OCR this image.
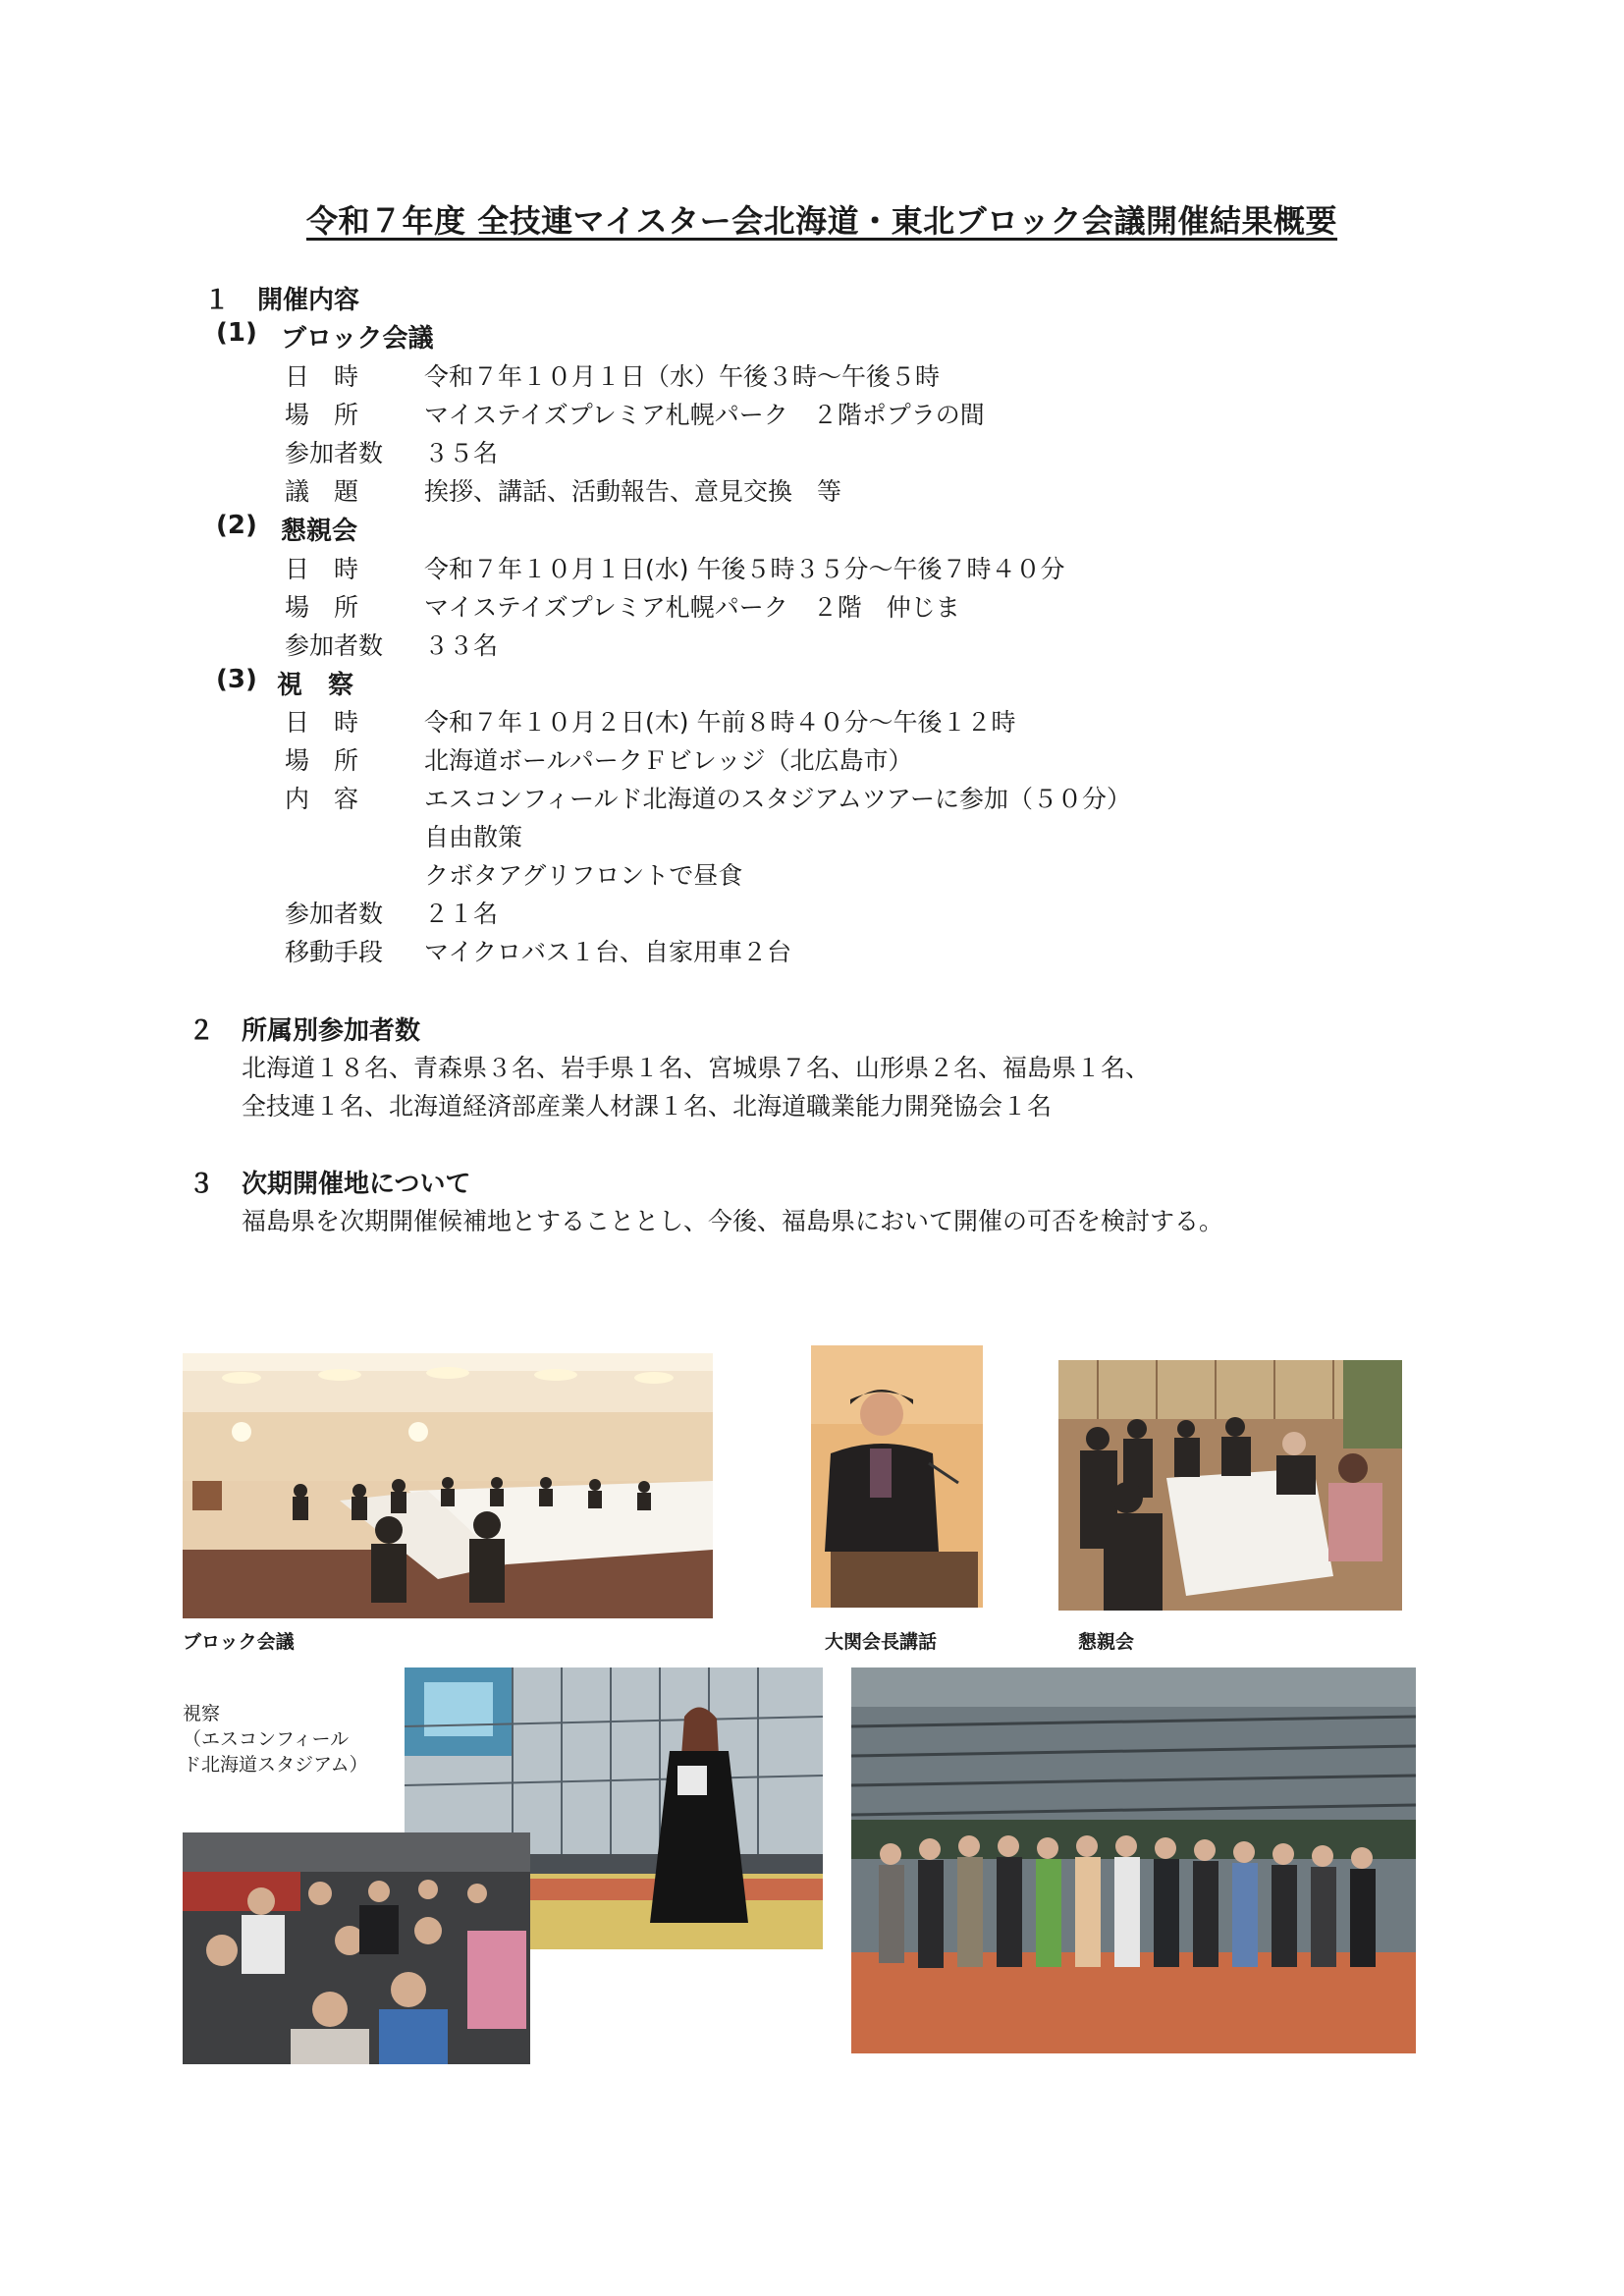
令和７年度 全技連マイスター会北海道・東北ブロック会議開催結果概要
１ 開催内容
(1) ブロック会議
日　時	令和７年１０月１日（水）午後３時～午後５時
場　所	マイステイズプレミア札幌パーク　２階ポプラの間
参加者数 ３５名
議　題	挨拶、講話、活動報告、意見交換　等
(2) 懇親会
日　時	令和７年１０月１日(水) 午後５時３５分～午後７時４０分
場　所	マイステイズプレミア札幌パーク　２階　仲じま
参加者数 ３３名
(3) 視　察
日　時	令和７年１０月２日(木) 午前８時４０分～午後１２時
場　所	北海道ボールパークＦビレッジ（北広島市）
内　容	エスコンフィールド北海道のスタジアムツアーに参加（５０分）
自由散策
クボタアグリフロントで昼食
参加者数 ２１名
移動手段 マイクロバス１台、自家用車２台
２ 所属別参加者数
北海道１８名、青森県３名、岩手県１名、宮城県７名、山形県２名、福島県１名、
全技連１名、北海道経済部産業人材課１名、北海道職業能力開発協会１名
３ 次期開催地について
福島県を次期開催候補地とすることとし、今後、福島県において開催の可否を検討する。
ブロック会議	大関会長講話	懇親会
視察
（エスコンフィール
ド北海道スタジアム）
